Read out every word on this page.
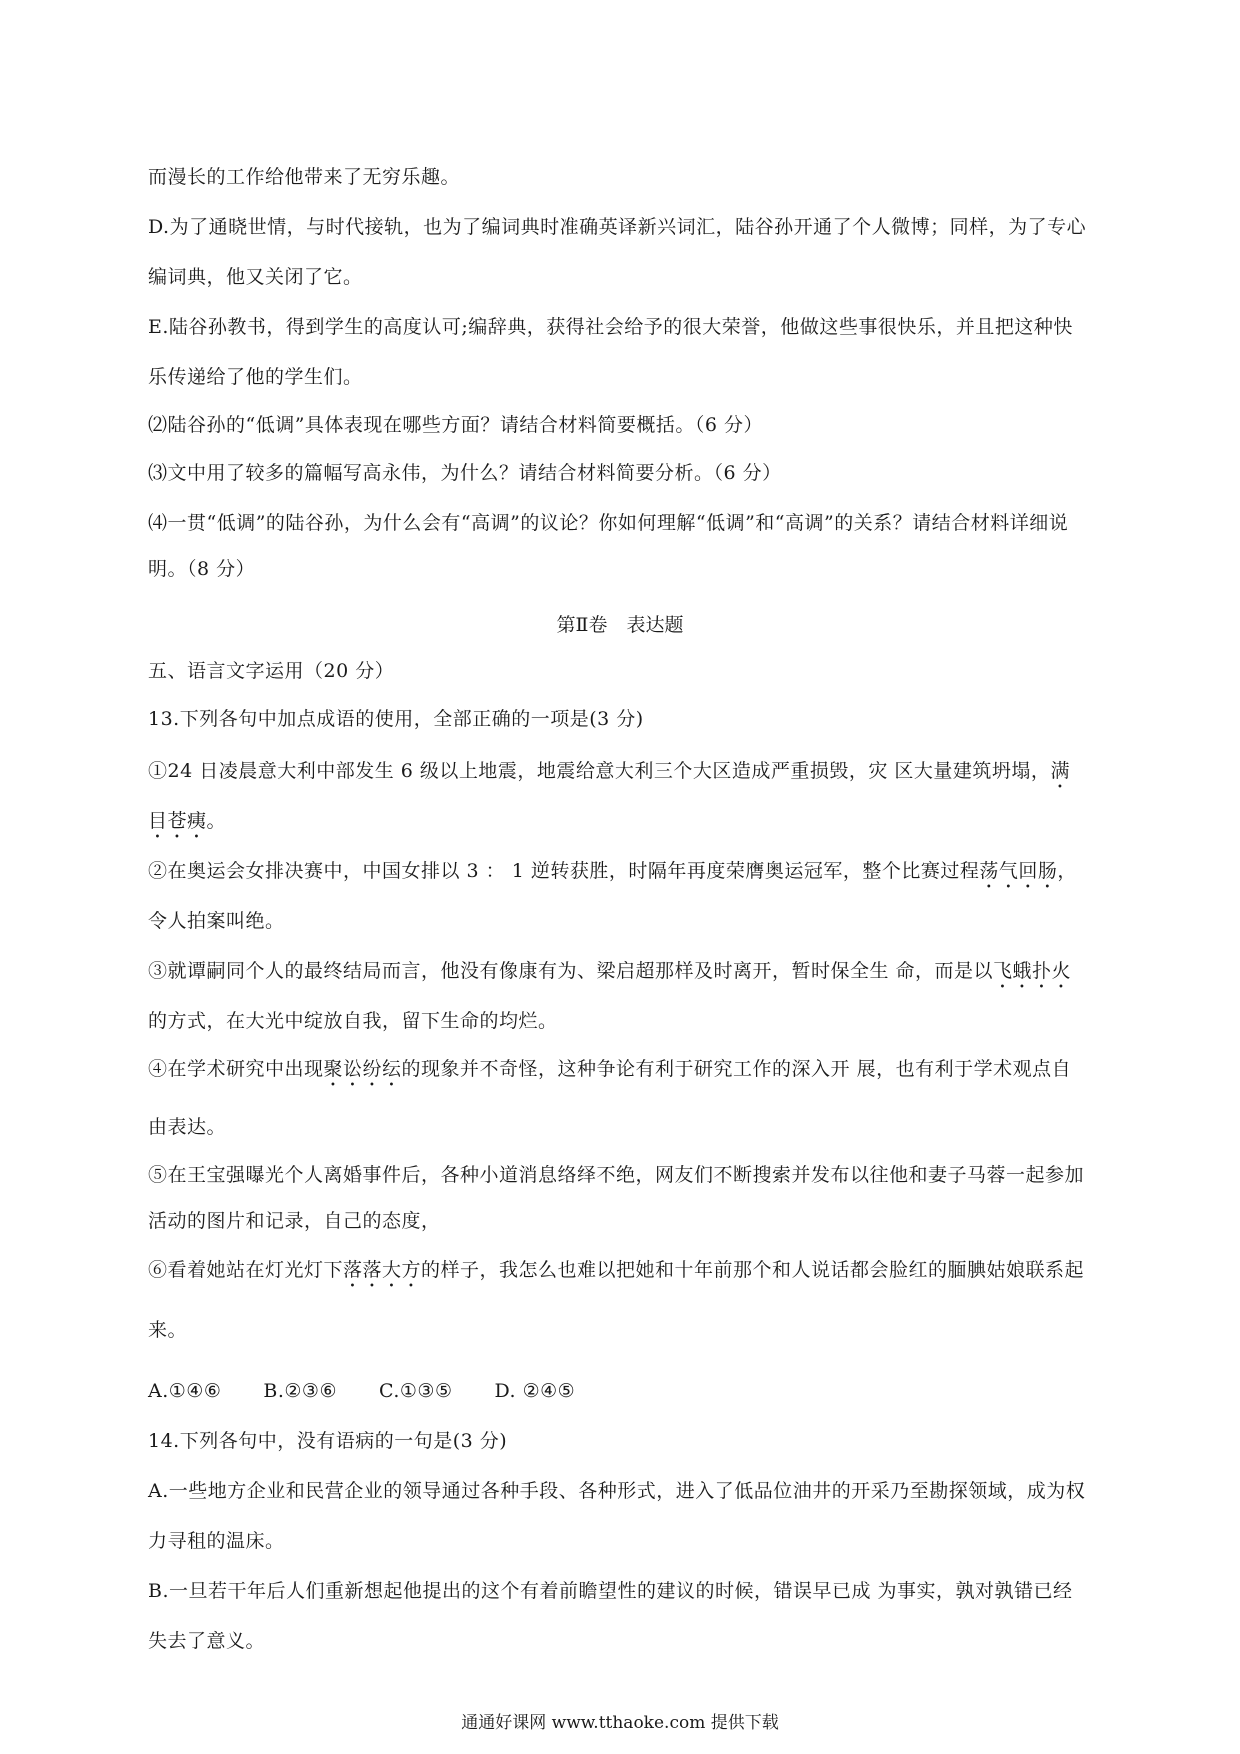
而漫长的工作给他带来了无穷乐趣。

D.为了通晓世情，与时代接轨，也为了编词典时准确英译新兴词汇，陆谷孙开通了个人微博；同样，为了专心编词典，他又关闭了它。

E.陆谷孙教书，得到学生的高度认可;编辞典，获得社会给予的很大荣誉，他做这些事很快乐，并且把这种快乐传递给了他的学生们。

⑵陆谷孙的“低调”具体表现在哪些方面？请结合材料简要概括。（6 分）

⑶文中用了较多的篇幅写高永伟，为什么？请结合材料简要分析。（6 分）

⑷一贯“低调”的陆谷孙，为什么会有“高调”的议论？你如何理解“低调”和“高调”的关系？请结合材料详细说明。（8 分）

第Ⅱ卷　表达题

五、语言文字运用（20 分）

13.下列各句中加点成语的使用，全部正确的一项是(3 分)

①24 日凌晨意大利中部发生 6 级以上地震，地震给意大利三个大区造成严重损毁，灾 区大量建筑坍塌，满目苍痍。

②在奥运会女排决赛中，中国女排以 3 ： 1 逆转获胜，时隔年再度荣膺奥运冠军，整个比赛过程荡气回肠，令人拍案叫绝。

③就谭嗣同个人的最终结局而言，他没有像康有为、梁启超那样及时离开，暂时保全生 命，而是以飞蛾扑火的方式，在大光中绽放自我，留下生命的均烂。

④在学术研究中出现聚讼纷纭的现象并不奇怪，这种争论有利于研究工作的深入开 展，也有利于学术观点自由表达。

⑤在王宝强曝光个人离婚事件后，各种小道消息络绎不绝，网友们不断搜索并发布以往他和妻子马蓉一起参加活动的图片和记录，自己的态度，

⑥看着她站在灯光灯下落落大方的样子，我怎么也难以把她和十年前那个和人说话都会脸红的腼腆姑娘联系起来。

A.①④⑥ B.②③⑥ C.①③⑤ D. ②④⑤

14.下列各句中，没有语病的一句是(3 分)

A.一些地方企业和民营企业的领导通过各种手段、各种形式，进入了低品位油井的开采乃至勘探领域，成为权力寻租的温床。

B.一旦若干年后人们重新想起他提出的这个有着前瞻望性的建议的时候，错误早已成 为事实，孰对孰错已经失去了意义。

通通好课网 www.tthaoke.com 提供下载
